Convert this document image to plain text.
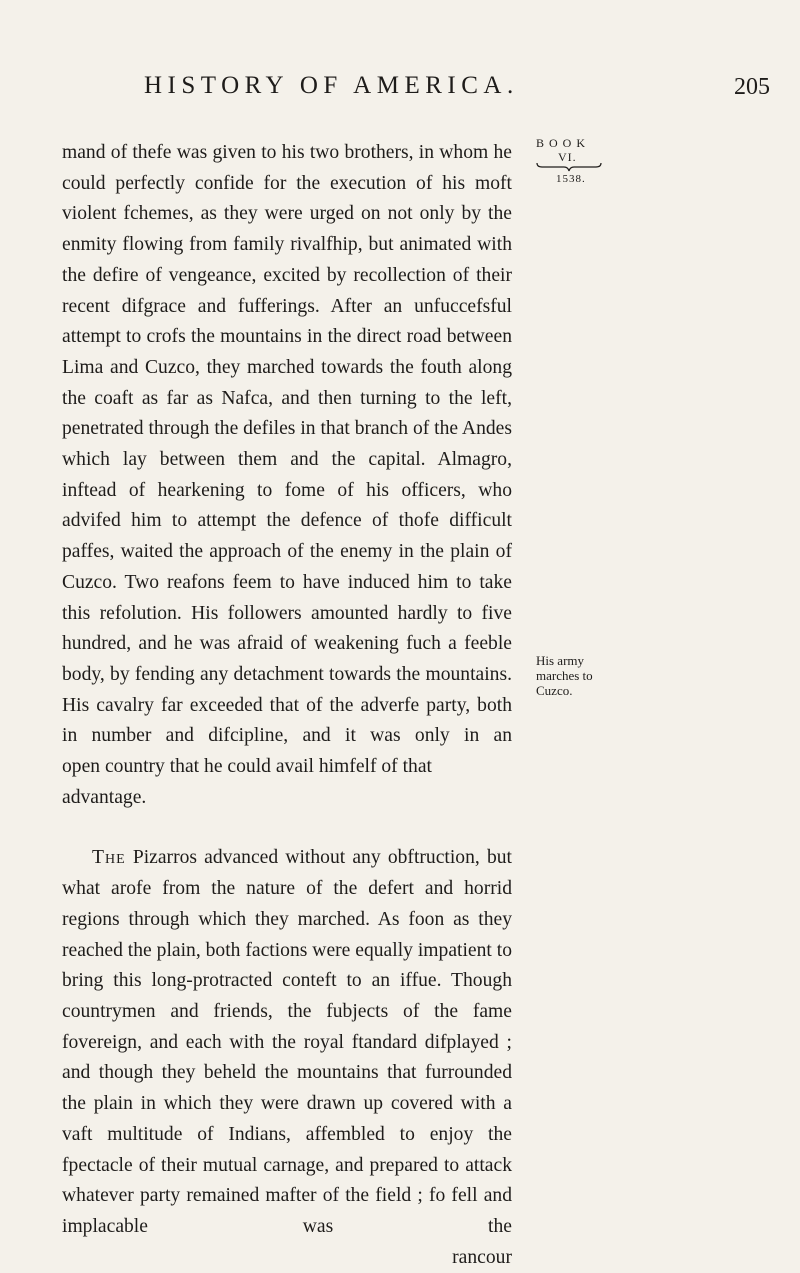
HISTORY OF AMERICA.	205
BOOK
VI.
1538.

mand of thefe was given to his two brothers, in whom he could perfectly confide for the execution of his moft violent fchemes, as they were urged on not only by the enmity flowing from family rivalfhip, but animated with the defire of vengeance, excited by recollection of their recent difgrace and fufferings. After an unfuccefsful attempt to crofs the mountains in the direct road between Lima and Cuzco, they marched towards the fouth along the coaft as far as Nafca, and then turning to the left, penetrated through the defiles in that branch of the Andes which lay between them and the capital. Almagro, inftead of hearkening to fome of his officers, who advifed him to attempt the defence of thofe difficult paffes, waited the approach of the enemy in the plain of Cuzco. Two reafons feem to have induced him to take this refolution. His followers amounted hardly to five hundred, and he was afraid of weakening fuch a feeble body, by fending any detachment towards the mountains. His cavalry far exceeded that of the adverfe party, both in number and difcipline, and it was only in an
open country that he could avail himfelf of that advantage.

The Pizarros advanced without any obftruction, but what arofe from the nature of the defert and horrid regions through which they marched. As foon as they reached the plain, both factions were equally impatient to bring this long-protracted conteft to an iffue. Though countrymen and friends, the fubjects of the fame fovereign, and each with the royal ftandard difplayed ; and though they beheld the mountains that furrounded the plain in which they were drawn up covered with a vaft multitude of Indians, affembled to enjoy the fpectacle of their mutual carnage, and prepared to attack whatever party remained mafter of the field ; fo fell and implacable was the

rancour

His army marches to Cuzco.
